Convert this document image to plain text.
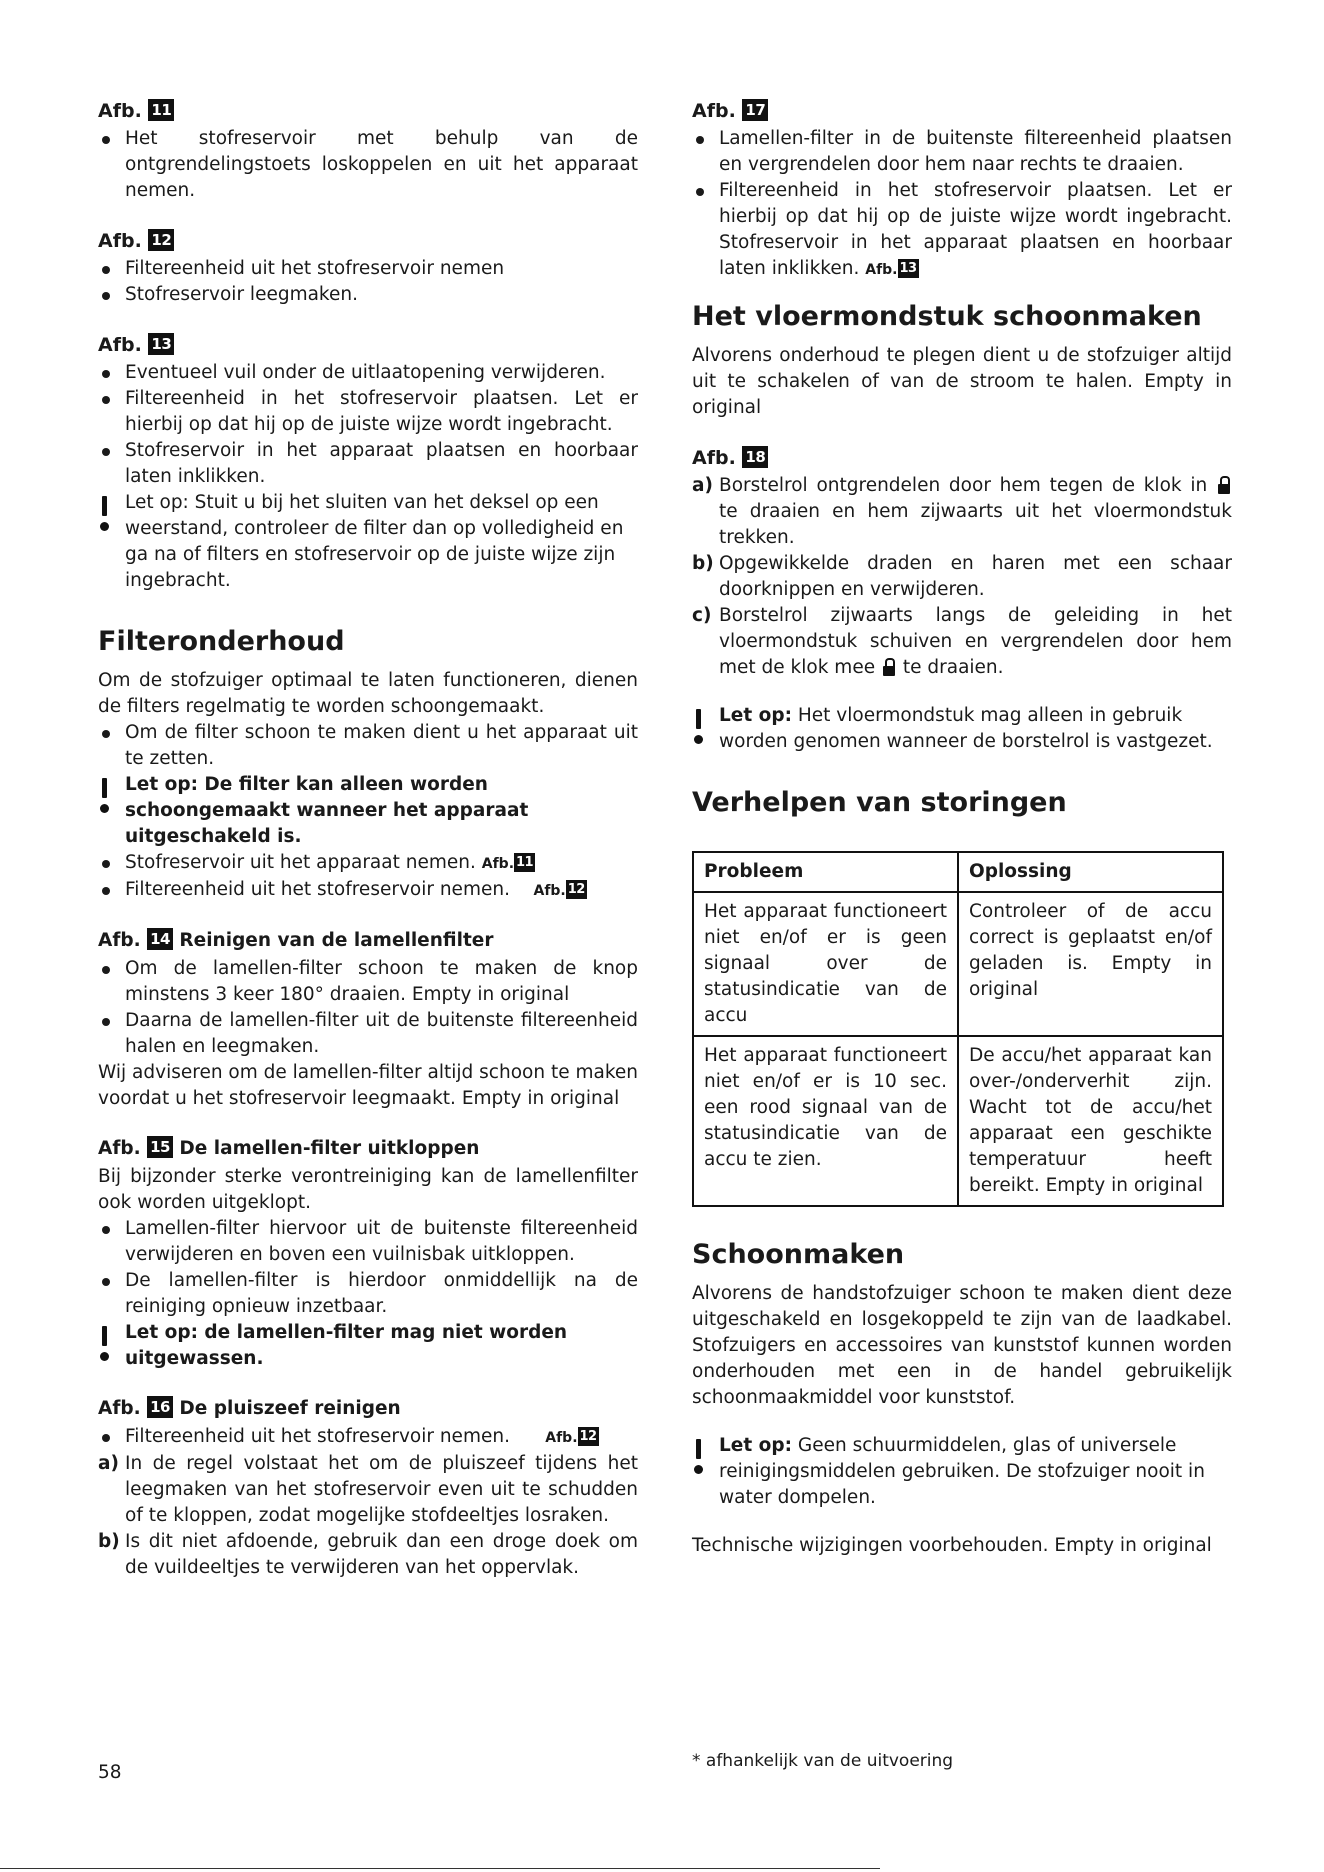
Afb. 11

Het stofreservoir met behulp van de ontgrendelingstoets loskoppelen en uit het apparaat nemen.

Afb. 12

Filtereenheid uit het stofreservoir nemen

Stofreservoir leegmaken.

Afb. 13

Eventueel vuil onder de uitlaatopening verwijderen.

Filtereenheid in het stofreservoir plaatsen. Let er hierbij op dat hij op de juiste wijze wordt ingebracht.

Stofreservoir in het apparaat plaatsen en hoorbaar laten inklikken.

Let op: Stuit u bij het sluiten van het deksel op een weerstand, controleer de filter dan op volledigheid en ga na of filters en stofreservoir op de juiste wijze zijn ingebracht.
Filteronderhoud

Om de stofzuiger optimaal te laten functioneren, dienen de filters regelmatig te worden schoongemaakt.

Om de filter schoon te maken dient u het apparaat uit te zetten.

Let op: De filter kan alleen worden schoongemaakt wanneer het apparaat uitgeschakeld is.

Stofreservoir uit het apparaat nemen. Afb. 11

Filtereenheid uit het stofreservoir nemen. Afb. 12

Afb. 14 Reinigen van de lamellenfilter

Om de lamellen-filter schoon te maken de knop minstens 3 keer 180° draaien. Empty in original

Daarna de lamellen-filter uit de buitenste filtereenheid halen en leegmaken.

Wij adviseren om de lamellen-filter altijd schoon te maken voordat u het stofreservoir leegmaakt. Empty in original

Afb. 15 De lamellen-filter uitkloppen

Bij bijzonder sterke verontreiniging kan de lamellenfilter ook worden uitgeklopt.

Lamellen-filter hiervoor uit de buitenste filtereenheid verwijderen en boven een vuilnisbak uitkloppen.

De lamellen-filter is hierdoor onmiddellijk na de reiniging opnieuw inzetbaar.

Let op: de lamellen-filter mag niet worden uitgewassen.
Afb. 16 De pluiszeef reinigen

Filtereenheid uit het stofreservoir nemen.	Afb. 12

a) In de regel volstaat het om de pluiszeef tijdens het leegmaken van het stofreservoir even uit te schudden of te kloppen, zodat mogelijke stofdeeltjes losraken.

b) Is dit niet afdoende, gebruik dan een droge doek om de vuildeeltjes te verwijderen van het oppervlak.

Afb. 17

Lamellen-filter in de buitenste filtereenheid plaatsen en vergrendelen door hem naar rechts te draaien.

Filtereenheid in het stofreservoir plaatsen. Let er hierbij op dat hij op de juiste wijze wordt ingebracht. Stofreservoir in het apparaat plaatsen en hoorbaar laten inklikken. Afb. 13

Het vloermondstuk schoonmaken

Alvorens onderhoud te plegen dient u de stofzuiger altijd uit te schakelen of van de stroom te halen. Empty in original

Afb. 18

a) Borstelrol ontgrendelen door hem tegen de klok in  te draaien en hem zijwaarts uit het vloermondstuk trekken.

b) Opgewikkelde draden en haren met een schaar doorknippen en verwijderen.

c) Borstelrol zijwaarts langs de geleiding in het vloermondstuk schuiven en vergrendelen door hem met de klok mee te draaien.

Let op: Het vloermondstuk mag alleen in gebruik worden genomen wanneer de borstelrol is vastgezet.
Verhelpen van storingen
Probleem	Oplossing
Het apparaat functioneert niet en/of er is geen signaal over de statusindicatie van de accu	Controleer of de accu correct is geplaatst en/of geladen is. Empty in original
Het apparaat functioneert niet en/of er is 10 sec. een rood signaal van de statusindicatie van de accu te zien.	De accu/het apparaat kan over-/onderverhit zijn. Wacht tot de accu/het apparaat een geschikte temperatuur heeft bereikt. Empty in original
Schoonmaken

Alvorens de handstofzuiger schoon te maken dient deze uitgeschakeld en losgekoppeld te zijn van de laadkabel. Stofzuigers en accessoires van kunststof kunnen worden onderhouden met een in de handel gebruikelijk schoonmaakmiddel voor kunststof.

Let op: Geen schuurmiddelen, glas of universele reinigingsmiddelen gebruiken. De stofzuiger nooit in water dompelen.

Technische wijzigingen voorbehouden. Empty in original

58
* afhankelijk van de uitvoering
